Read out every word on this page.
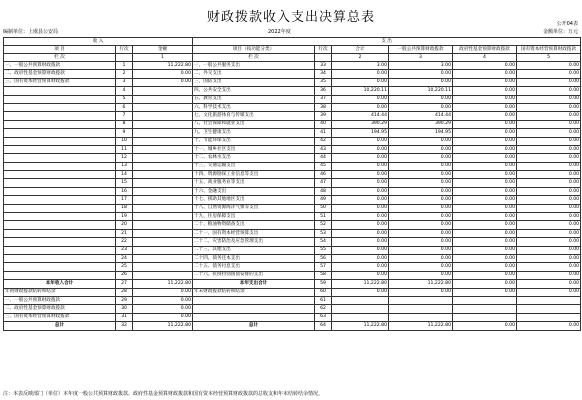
财政拨款收入支出决算总表	公开04表
编制单位：上虞县公安局	2022年度	金额单位：万元
收 入			支 出					
项 目	行次	金额	项目（按功能分类）	行次	合计	一般公共预算财政拨款	政府性基金预算财政拨款	国有资本经营预算财政拨款

栏 次		1	栏 次		2	3	4	5
一、一般公共预算财政拨款	1	11,222.80	一、一般公共服务支出	33	3.00	3.00	0.00	0.00
二、政府性基金预算财政拨款	2	0.00	二、外交支出	34	0.00	0.00	0.00	0.00
三、国有资本经营预算财政拨款	3	0.00	三、国防支出	35	0.00	0.00	0.00	0.00
	4		四、公共安全支出	36	10,220.11	10,220.11	0.00	0.00
	5		五、教育支出	37	0.00	0.00	0.00	0.00
	6		六、科学技术支出	38	0.00	0.00	0.00	0.00
	7		七、文化旅游体育与传媒支出	39	414.44	414.44	0.00	0.00
	8		八、社会保障和就业支出	40	390.29	390.29	0.00	0.00
	9		九、卫生健康支出	41	194.95	194.95	0.00	0.00
	10		十、节能环保支出	42	0.00	0.00	0.00	0.00
	11		十一、城乡社区支出	43	0.00	0.00	0.00	0.00
	12		十二、农林水支出	44	0.00	0.00	0.00	0.00
	13		十三、交通运输支出	45	0.00	0.00	0.00	0.00
	14		十四、资源勘探工业信息等支出	46	0.00	0.00	0.00	0.00
	15		十五、商业服务业等支出	47	0.00	0.00	0.00	0.00
	16		十六、金融支出	48	0.00	0.00	0.00	0.00
	17		十七、援助其他地区支出	49	0.00	0.00	0.00	0.00
	18		十八、自然资源海洋气象等支出	50	0.00	0.00	0.00	0.00
	19		十九、住房保障支出	51	0.00	0.00	0.00	0.00
	20		二十、粮油物资储备支出	52	0.00	0.00	0.00	0.00
	21		二十一、国有资本经营预算支出	53	0.00	0.00	0.00	0.00
	22		二十二、灾害防治及应急管理支出	54	0.00	0.00	0.00	0.00
	23		二十三、其他支出	55	0.00	0.00	0.00	0.00
	24		二十四、债务还本支出	56	0.00	0.00	0.00	0.00
	25		二十五、债务付息支出	57	0.00	0.00	0.00	0.00
	26		二十六、抗疫特别国债安排的支出	58	0.00	0.00	0.00	0.00
本年收入合计	27	11,222.80	本年支出合计	59	11,222.80	11,222.80	0.00	0.00
年初财政拨款结转和结余	28	0.00	年末财政拨款结转和结余	60	0.00	0.00	0.00	0.00
一、一般公共预算财政拨款	29	0.00		61				
二、政府性基金预算财政拨款	30	0.00		62				
三、国有资本经营预算财政拨款	31	0.00		63				
总计	32	11,222.80	总计	64	11,222.80	11,222.80	0.00	0.00
注：本表反映部门（单位）本年度一般公共预算财政拨款、政府性基金预算财政拨款和国有资本经营预算财政拨款的总收支和年末结转结余情况。
